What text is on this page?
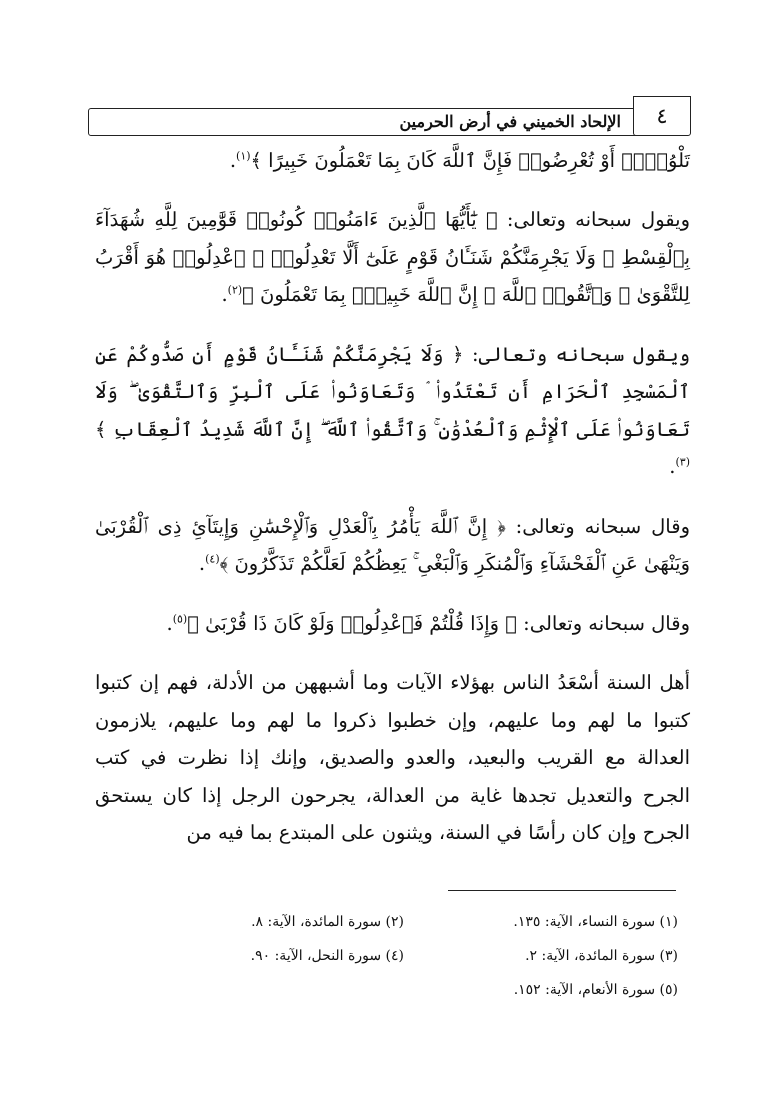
الإلحاد الخميني في أرض الحرمين	٤

تَلْوُۥٓا۟ أَوْ تُعْرِضُوا۟ فَإِنَّ ٱللَّهَ كَانَ بِمَا تَعْمَلُونَ خَبِيرًا ﴾$^{(١)}$.

ويقول سبحانه وتعالى: ﴿ يَٰٓأَيُّهَا ٱلَّذِينَ ءَامَنُوا۟ كُونُوا۟ قَوَّٰمِينَ لِلَّهِ شُهَدَآءَ بِٱلْقِسْطِ ۖ وَلَا يَجْرِمَنَّكُمْ شَنَـَٔانُ قَوْمٍ عَلَىٰٓ أَلَّا تَعْدِلُوا۟ ۚ ٱعْدِلُوا۟ هُوَ أَقْرَبُ لِلتَّقْوَىٰ ۖ وَٱتَّقُوا۟ ٱللَّهَ ۚ إِنَّ ٱللَّهَ خَبِيرٌۢ بِمَا تَعْمَلُونَ ﴾$^{(٢)}$.

ويقول سبحانه وتعالى: ﴿ وَلَا يَجْرِمَنَّكُمْ شَنَـَٔانُ قَوْمٍ أَن صَدُّوكُمْ عَنِ ٱلْمَسْجِدِ ٱلْحَرَامِ أَن تَعْتَدُوا۟ ۘ وَتَعَاوَنُوا۟ عَلَى ٱلْبِرِّ وَٱلتَّقْوَىٰ ۖ وَلَا تَعَاوَنُوا۟ عَلَى ٱلْإِثْمِ وَٱلْعُدْوَٰنِ ۚ وَٱتَّقُوا۟ ٱللَّهَ ۖ إِنَّ ٱللَّهَ شَدِيدُ ٱلْعِقَابِ ﴾$^{(٣)}$.

وقال سبحانه وتعالى: ﴿ إِنَّ ٱللَّهَ يَأْمُرُ بِٱلْعَدْلِ وَٱلْإِحْسَٰنِ وَإِيتَآئِ ذِى ٱلْقُرْبَىٰ وَيَنْهَىٰ عَنِ ٱلْفَحْشَآءِ وَٱلْمُنكَرِ وَٱلْبَغْىِ ۚ يَعِظُكُمْ لَعَلَّكُمْ تَذَكَّرُونَ ﴾$^{(٤)}$.

وقال سبحانه وتعالى: ﴿ وَإِذَا قُلْتُمْ فَٱعْدِلُوا۟ وَلَوْ كَانَ ذَا قُرْبَىٰ ﴾$^{(٥)}$.

أهل السنة أسْعَدُ الناس بهؤلاء الآيات وما أشبههن من الأدلة، فهم إن كتبوا كتبوا ما لهم وما عليهم، وإن خطبوا ذكروا ما لهم وما عليهم، يلازمون العدالة مع القريب والبعيد، والعدو والصديق، وإنك إذا نظرت في كتب الجرح والتعديل تجدها غاية من العدالة، يجرحون الرجل إذا كان يستحق الجرح وإن كان رأسًا في السنة، ويثنون على المبتدع بما فيه من

(١) سورة النساء، الآية: ١٣٥.
(٢) سورة المائدة، الآية: ٨.
(٣) سورة المائدة، الآية: ٢.
(٤) سورة النحل، الآية: ٩٠.
(٥) سورة الأنعام، الآية: ١٥٢.
